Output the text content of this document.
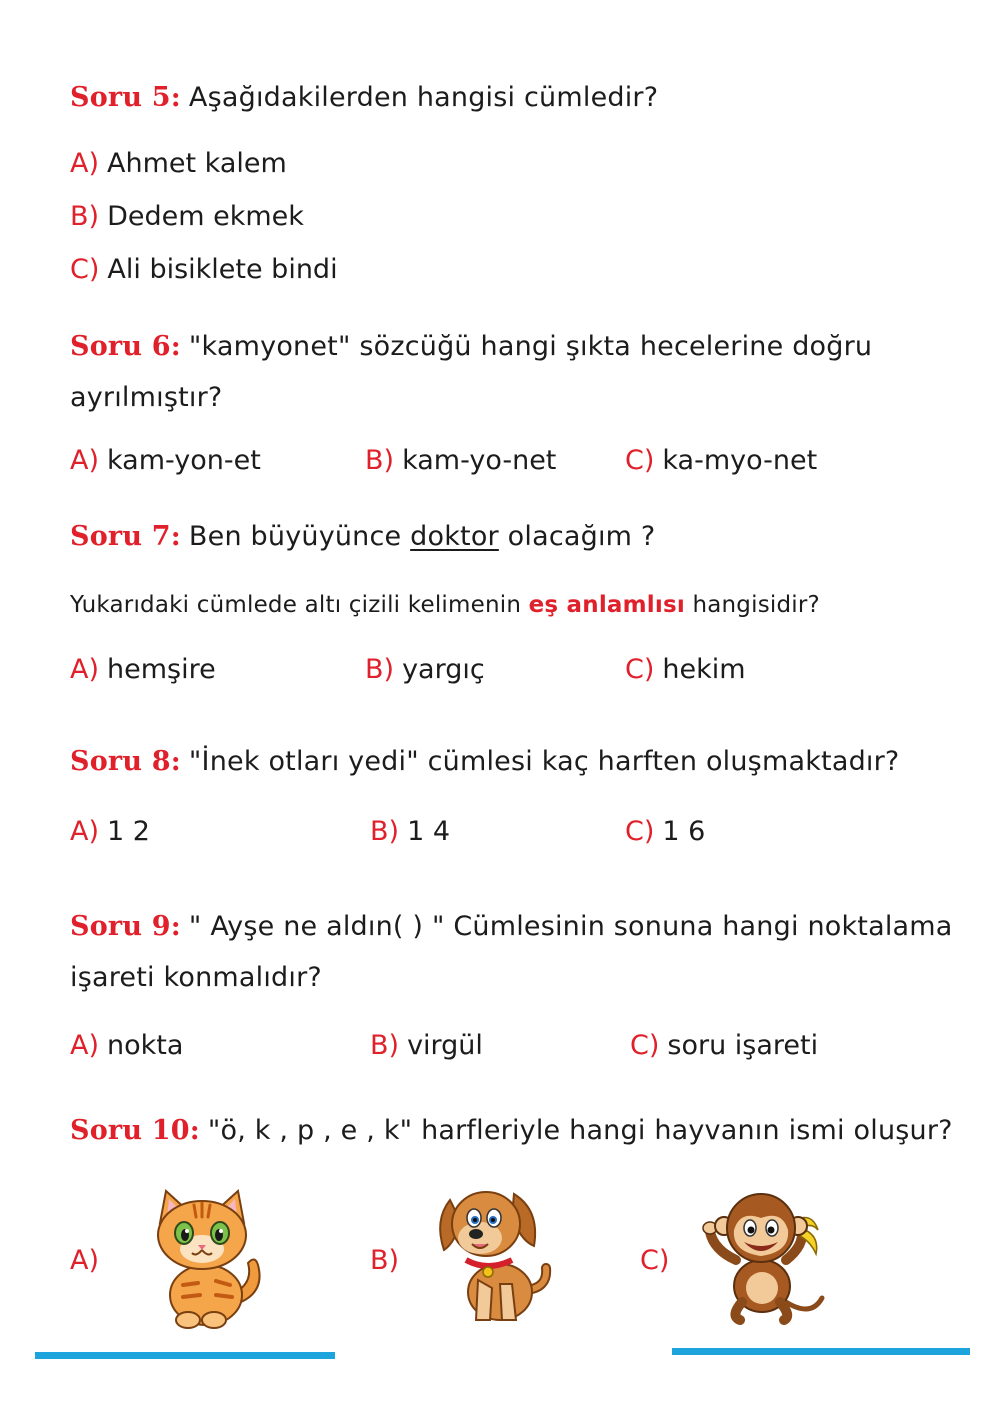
Soru 5: Aşağıdakilerden hangisi cümledir?
A) Ahmet kalem
B) Dedem ekmek
C) Ali bisiklete bindi
Soru 6: "kamyonet" sözcüğü hangi şıkta hecelerine doğru
ayrılmıştır?
A) kam-yon-et	B) kam-yo-net	C) ka-myo-net
Soru 7: Ben büyüyünce doktor olacağım ?
Yukarıdaki cümlede altı çizili kelimenin eş anlamlısı hangisidir?
A) hemşire	B) yargıç	C) hekim
Soru 8: "İnek otları yedi" cümlesi kaç harften oluşmaktadır?
A) 1 2	B) 1 4	C) 1 6
Soru 9: " Ayşe ne aldın( ) " Cümlesinin sonuna hangi noktalama
işareti konmalıdır?
A) nokta	B) virgül	C) soru işareti
Soru 10: "ö, k , p , e , k" harfleriyle hangi hayvanın ismi oluşur?
A)	B)	C)
